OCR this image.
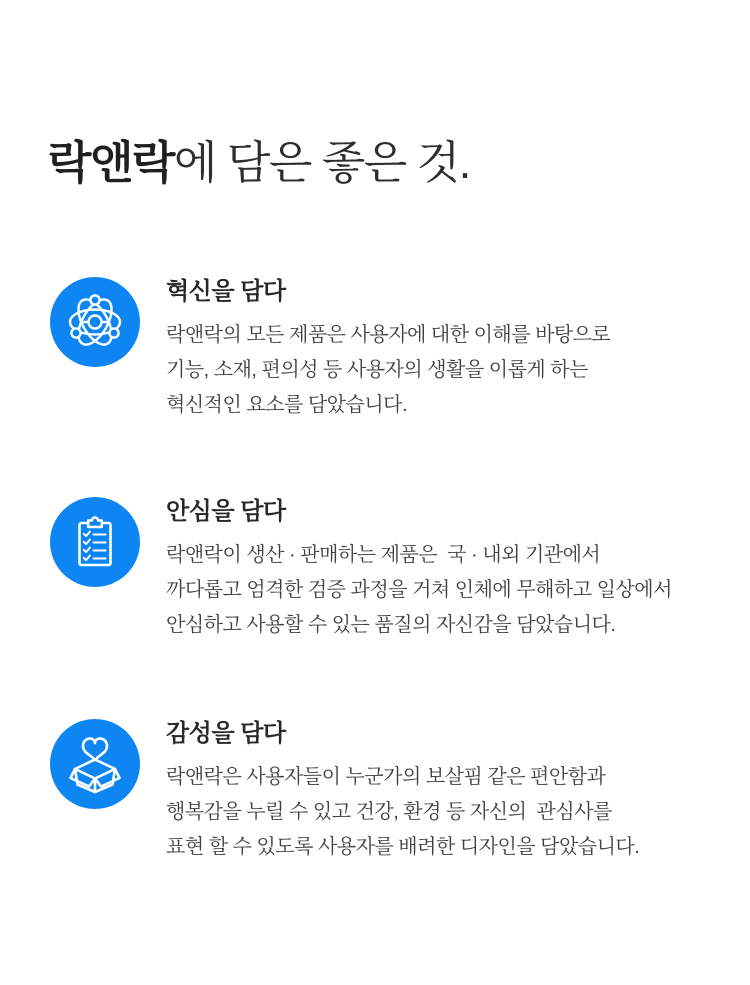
락앤락에 담은 좋은 것.
혁신을 담다

락앤락의 모든 제품은 사용자에 대한 이해를 바탕으로

기능, 소재, 편의성 등 사용자의 생활을 이롭게 하는

혁신적인 요소를 담았습니다.

안심을 담다

락앤락이 생산 · 판매하는 제품은  국 · 내외 기관에서

까다롭고 엄격한 검증 과정을 거쳐 인체에 무해하고 일상에서

안심하고 사용할 수 있는 품질의 자신감을 담았습니다.

감성을 담다

락앤락은 사용자들이 누군가의 보살핌 같은 편안함과

행복감을 누릴 수 있고 건강, 환경 등 자신의  관심사를

표현 할 수 있도록 사용자를 배려한 디자인을 담았습니다.
